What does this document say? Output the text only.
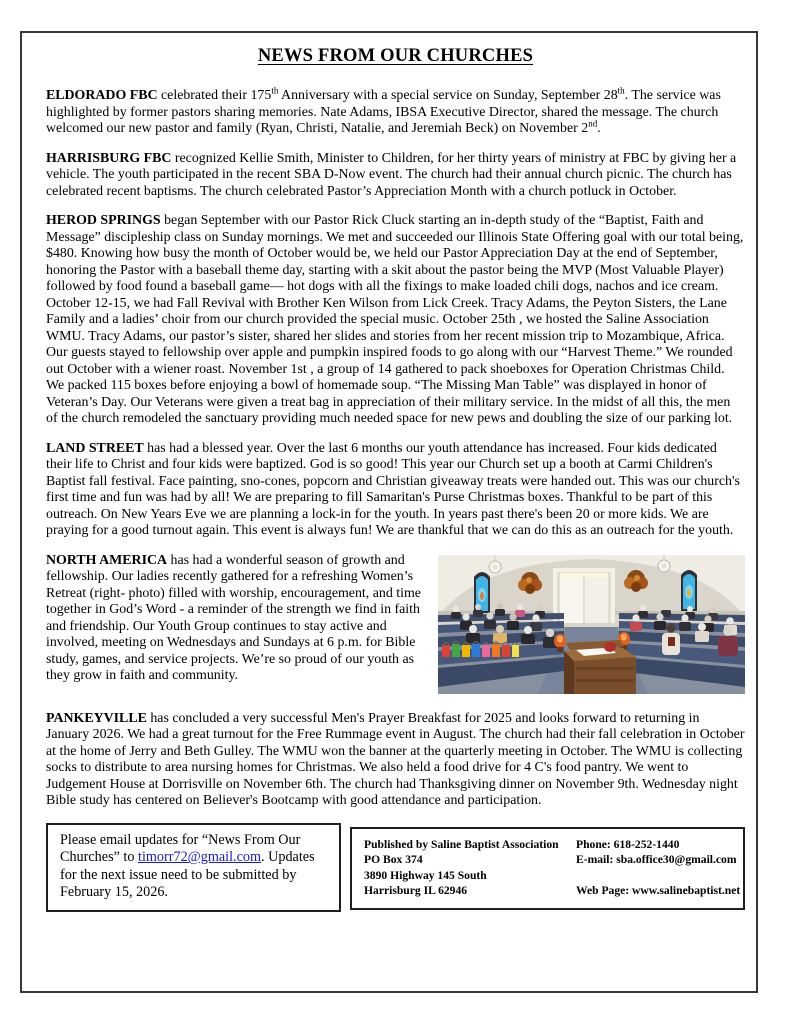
NEWS FROM OUR CHURCHES

ELDORADO FBC celebrated their 175th Anniversary with a special service on Sunday, September 28th. The service was highlighted by former pastors sharing memories. Nate Adams, IBSA Executive Director, shared the message. The church welcomed our new pastor and family (Ryan, Christi, Natalie, and Jeremiah Beck) on November 2nd.

HARRISBURG FBC recognized Kellie Smith, Minister to Children, for her thirty years of ministry at FBC by giving her a vehicle. The youth participated in the recent SBA D-Now event. The church had their annual church picnic. The church has celebrated recent baptisms. The church celebrated Pastor’s Appreciation Month with a church potluck in October.

HEROD SPRINGS began September with our Pastor Rick Cluck starting an in-depth study of the “Baptist, Faith and Message” discipleship class on Sunday mornings. We met and succeeded our Illinois State Offering goal with our total being, $480. Knowing how busy the month of October would be, we held our Pastor Appreciation Day at the end of September, honoring the Pastor with a baseball theme day, starting with a skit about the pastor being the MVP (Most Valuable Player) followed by food found a baseball game— hot dogs with all the fixings to make loaded chili dogs, nachos and ice cream. October 12-15, we had Fall Revival with Brother Ken Wilson from Lick Creek. Tracy Adams, the Peyton Sisters, the Lane Family and a ladies’ choir from our church provided the special music. October 25th , we hosted the Saline Association WMU. Tracy Adams, our pastor’s sister, shared her slides and stories from her recent mission trip to Mozambique, Africa. Our guests stayed to fellowship over apple and pumpkin inspired foods to go along with our “Harvest Theme.” We rounded out October with a wiener roast. November 1st , a group of 14 gathered to pack shoeboxes for Operation Christmas Child. We packed 115 boxes before enjoying a bowl of homemade soup. “The Missing Man Table” was displayed in honor of Veteran’s Day. Our Veterans were given a treat bag in appreciation of their military service. In the midst of all this, the men of the church remodeled the sanctuary providing much needed space for new pews and doubling the size of our parking lot.

LAND STREET has had a blessed year. Over the last 6 months our youth attendance has increased. Four kids dedicated their life to Christ and four kids were baptized. God is so good! This year our Church set up a booth at Carmi Children's Baptist fall festival. Face painting, sno-cones, popcorn and Christian giveaway treats were handed out. This was our church's first time and fun was had by all! We are preparing to fill Samaritan's Purse Christmas boxes. Thankful to be part of this outreach. On New Years Eve we are planning a lock-in for the youth. In years past there's been 20 or more kids. We are praying for a good turnout again. This event is always fun! We are thankful that we can do this as an outreach for the youth.

NORTH AMERICA has had a wonderful season of growth and fellowship. Our ladies recently gathered for a refreshing Women’s Retreat (right- photo) filled with worship, encouragement, and time together in God’s Word - a reminder of the strength we find in faith and friendship. Our Youth Group continues to stay active and involved, meeting on Wednesdays and Sundays at 6 p.m. for Bible study, games, and service projects. We’re so proud of our youth as they grow in faith and community.

PANKEYVILLE has concluded a very successful Men's Prayer Breakfast for 2025 and looks forward to returning in January 2026. We had a great turnout for the Free Rummage event in August. The church had their fall celebration in October at the home of Jerry and Beth Gulley. The WMU won the banner at the quarterly meeting in October. The WMU is collecting socks to distribute to area nursing homes for Christmas. We also held a food drive for 4 C's food pantry. We went to Judgement House at Dorrisville on November 6th. The church had Thanksgiving dinner on November 9th. Wednesday night Bible study has centered on Believer's Bootcamp with good attendance and participation.

Please email updates for “News From Our Churches” to timorr72@gmail.com. Updates for the next issue need to be submitted by February 15, 2026.
Published by Saline Baptist Association
PO Box 374
3890 Highway 145 South
Harrisburg IL 62946
Phone: 618-252-1440
E-mail: sba.office30@gmail.com
Web Page: www.salinebaptist.net
